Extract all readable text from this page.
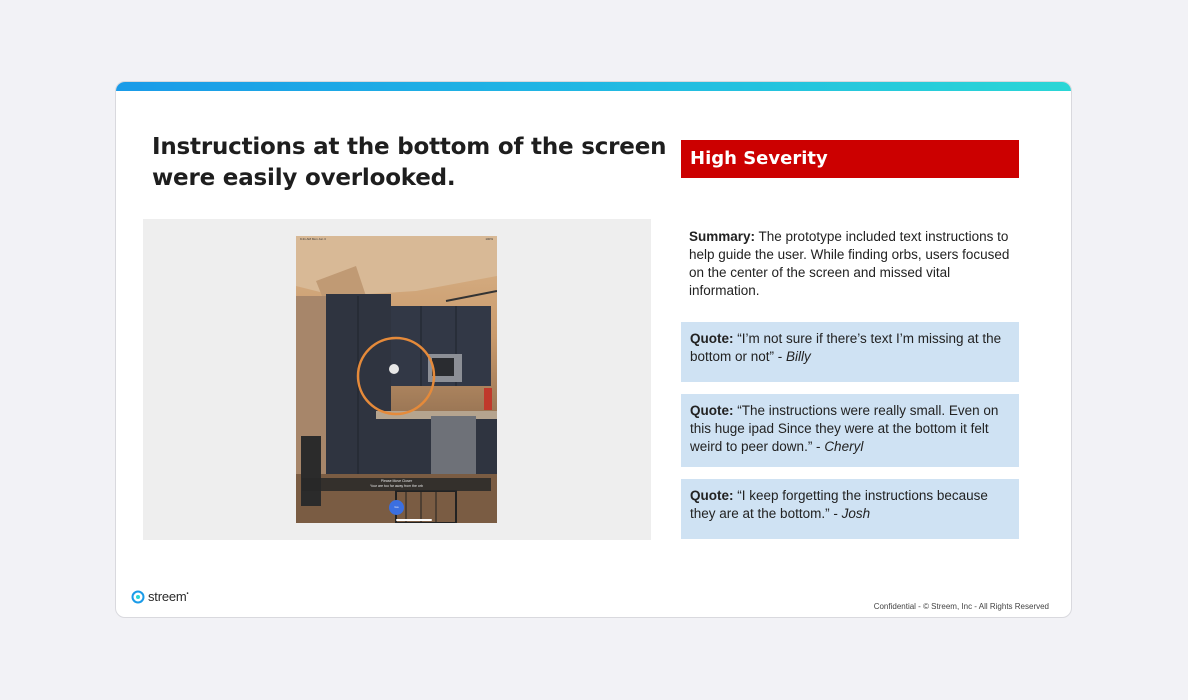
Instructions at the bottom of the screen were easily overlooked.
High Severity
9:41 AM Mon Jun 3	100%
Please Move Closer
Your are too far away from the orb
Go

Summary: The prototype included text instructions to help guide the user. While finding orbs, users focused on the center of the screen and missed vital information.

Quote: “I’m not sure if there’s text I’m missing at the bottom or not” - Billy
Quote: “The instructions were really small. Even on this huge ipad Since they were at the bottom it felt weird to peer down.” - Cheryl
Quote: “I keep forgetting the instructions because they are at the bottom.” - Josh
streem•
Confidential - © Streem, Inc - All Rights Reserved
